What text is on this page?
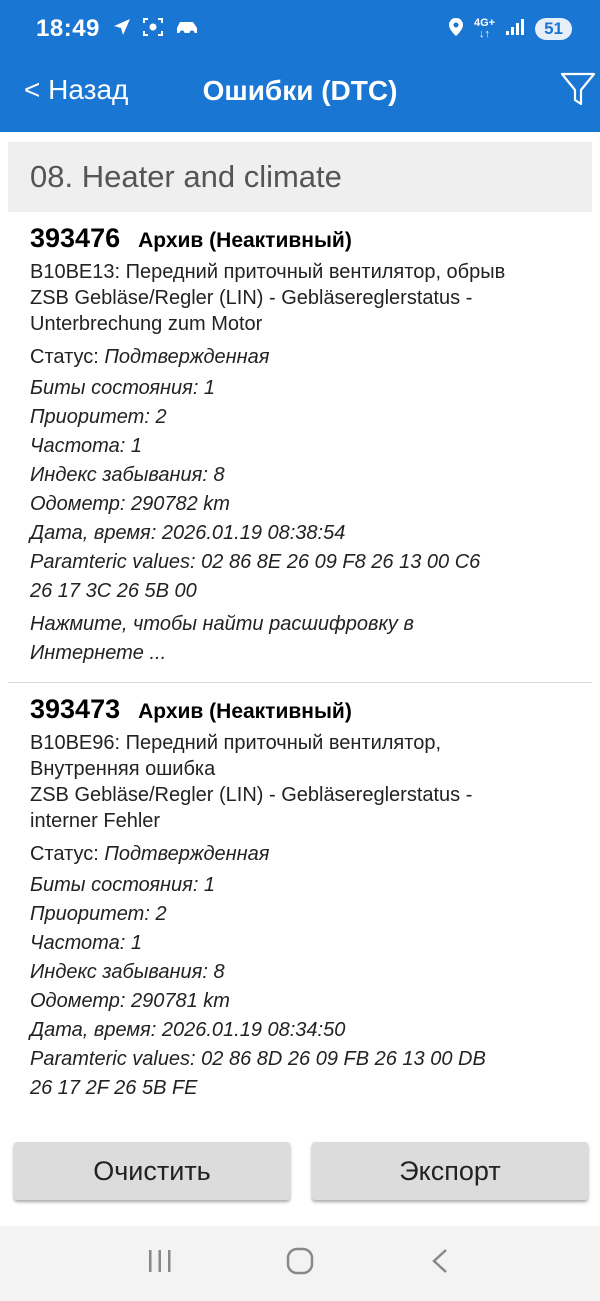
18:49	4G+
↓↑	51
< Назад	Ошибки (DTC)
08. Heater and climate
393476 Архив (Неактивный)
B10BE13: Передний приточный вентилятор, обрыв
ZSB Gebläse/Regler (LIN) - Gebläsereglerstatus -
Unterbrechung zum Motor
Статус: Подтвержденная
Биты состояния: 1
Приоритет: 2
Частота: 1
Индекс забывания: 8
Одометр: 290782 km
Дата, время: 2026.01.19 08:38:54
Paramteric values: 02 86 8E 26 09 F8 26 13 00 C6
26 17 3C 26 5B 00
Нажмите, чтобы найти расшифровку в
Интернете ...
393473 Архив (Неактивный)
B10BE96: Передний приточный вентилятор,
Внутренняя ошибка
ZSB Gebläse/Regler (LIN) - Gebläsereglerstatus -
interner Fehler
Статус: Подтвержденная
Биты состояния: 1
Приоритет: 2
Частота: 1
Индекс забывания: 8
Одометр: 290781 km
Дата, время: 2026.01.19 08:34:50
Paramteric values: 02 86 8D 26 09 FB 26 13 00 DB
26 17 2F 26 5B FE
Очистить	Экспорт
